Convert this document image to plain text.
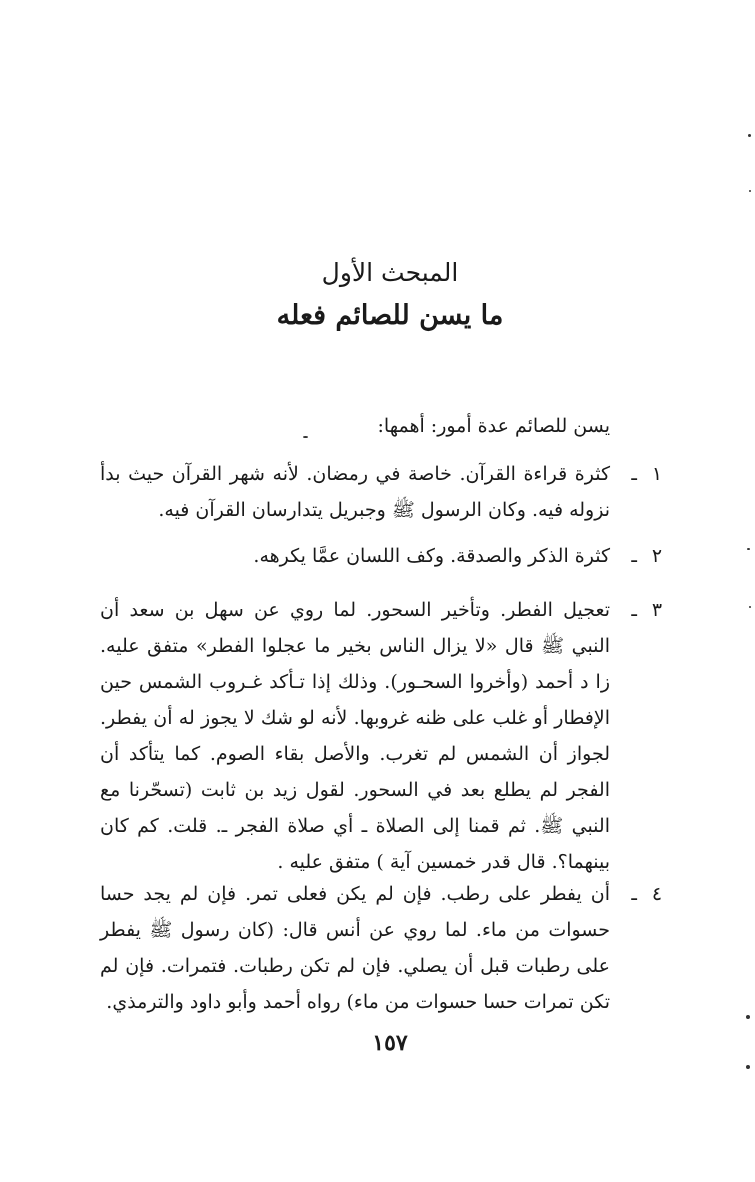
المبحث الأول
ما يسن للصائم فعله

يسن للصائم عدة أمور: أهمها:

١
ـ
كثرة قراءة القرآن. خاصة في رمضان. لأنه شهر القرآن حيث بدأ نزوله فيه. وكان الرسول ﷺ وجبريل يتدارسان القرآن فيه.
٢
ـ
كثرة الذكر والصدقة. وكف اللسان عمَّا يكرهه.
٣
ـ
تعجيل الفطر. وتأخير السحور. لما روي عن سهل بن سعد أن النبي ﷺ قال «لا يزال الناس بخير ما عجلوا الفطر» متفق عليه. زا د أحمد (وأخروا السحـور). وذلك إذا تـأكد غـروب الشمس حين الإفطار أو غلب على ظنه غروبها. لأنه لو شك لا يجوز له أن يفطر. لجواز أن الشمس لم تغرب. والأصل بقاء الصوم. كما يتأكد أن الفجر لم يطلع بعد في السحور. لقول زيد بن ثابت (تسحّرنا مع النبي ﷺ. ثم قمنا إلى الصلاة ـ أي صلاة الفجر ـ. قلت. كم كان بينهما؟. قال قدر خمسين آية ) متفق عليه .
٤
ـ
أن يفطر على رطب. فإن لم يكن فعلى تمر. فإن لم يجد حسا حسوات من ماء. لما روي عن أنس قال: (كان رسول ﷺ يفطر على رطبات قبل أن يصلي. فإن لم تكن رطبات. فتمرات. فإن لم تكن تمرات حسا حسوات من ماء) رواه أحمد وأبو داود والترمذي.

١٥٧
